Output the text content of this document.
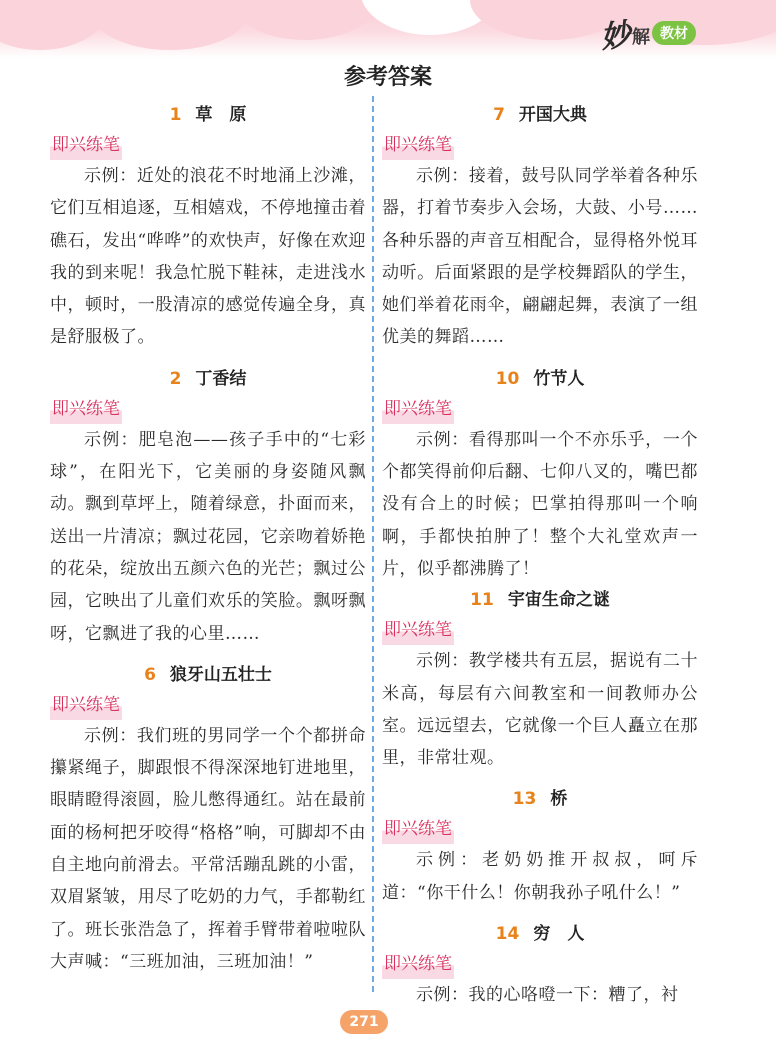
妙 解 教材
参考答案
1 草　原
即兴练笔

示例：近处的浪花不时地涌上沙滩，它们互相追逐，互相嬉戏，不停地撞击着礁石，发出“哗哗”的欢快声，好像在欢迎我的到来呢！我急忙脱下鞋袜，走进浅水中，顿时，一股清凉的感觉传遍全身，真是舒服极了。

2 丁香结
即兴练笔

示例：肥皂泡——孩子手中的“七彩球”，在阳光下，它美丽的身姿随风飘动。飘到草坪上，随着绿意，扑面而来，送出一片清凉；飘过花园，它亲吻着娇艳的花朵，绽放出五颜六色的光芒；飘过公园，它映出了儿童们欢乐的笑脸。飘呀飘呀，它飘进了我的心里……

6 狼牙山五壮士
即兴练笔

示例：我们班的男同学一个个都拼命攥紧绳子，脚跟恨不得深深地钉进地里，眼睛瞪得滚圆，脸儿憋得通红。站在最前面的杨柯把牙咬得“格格”响，可脚却不由自主地向前滑去。平常活蹦乱跳的小雷，双眉紧皱，用尽了吃奶的力气，手都勒红了。班长张浩急了，挥着手臂带着啦啦队大声喊：“三班加油，三班加油！”

7 开国大典
即兴练笔

示例：接着，鼓号队同学举着各种乐器，打着节奏步入会场，大鼓、小号……各种乐器的声音互相配合，显得格外悦耳动听。后面紧跟的是学校舞蹈队的学生，她们举着花雨伞，翩翩起舞，表演了一组优美的舞蹈……

10 竹节人
即兴练笔

示例：看得那叫一个不亦乐乎，一个个都笑得前仰后翻、七仰八叉的，嘴巴都没有合上的时候；巴掌拍得那叫一个响啊，手都快拍肿了！整个大礼堂欢声一片，似乎都沸腾了！

11 宇宙生命之谜
即兴练笔

示例：教学楼共有五层，据说有二十米高，每层有六间教室和一间教师办公室。远远望去，它就像一个巨人矗立在那里，非常壮观。

13 桥
即兴练笔

示例：老奶奶推开叔叔，呵斥道：“你干什么！你朝我孙子吼什么！”

14 穷　人
即兴练笔

示例：我的心咯噔一下：糟了，衬

271
